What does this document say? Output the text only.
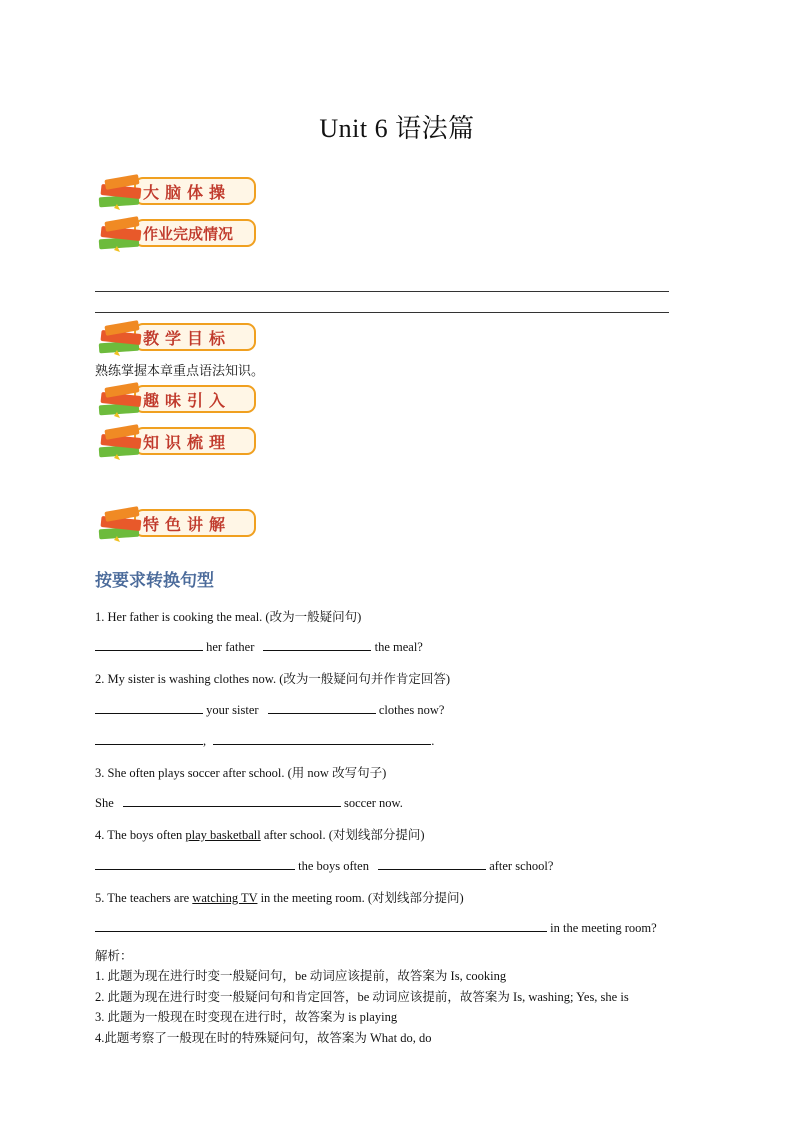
Unit 6 语法篇
大脑体操
作业完成情况
教学目标
熟练掌握本章重点语法知识。
趣味引入
知识梳理
特色讲解
按要求转换句型
1. Her father is cooking the meal. (改为一般疑问句)
her father	the meal?
2. My sister is washing clothes now. (改为一般疑问句并作肯定回答)
your sister	clothes now?
,	.
3. She often plays soccer after school. (用 now 改写句子)
She	soccer now.
4. The boys often play basketball after school. (对划线部分提问)
the boys often	after school?
5. The teachers are watching TV in the meeting room. (对划线部分提问)
in the meeting room?
解析：
1. 此题为现在进行时变一般疑问句，be 动词应该提前，故答案为 Is, cooking
2. 此题为现在进行时变一般疑问句和肯定回答，be 动词应该提前，故答案为 Is, washing; Yes, she is
3. 此题为一般现在时变现在进行时，故答案为 is playing
4.此题考察了一般现在时的特殊疑问句，故答案为 What do, do
